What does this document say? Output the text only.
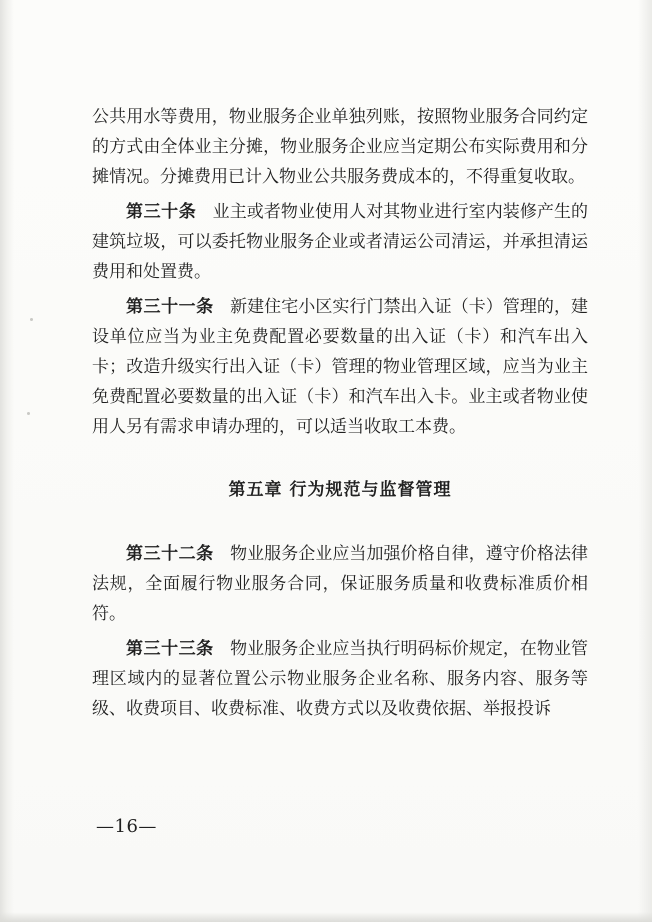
公共用水等费用，物业服务企业单独列账，按照物业服务合同约定的方式由全体业主分摊，物业服务企业应当定期公布实际费用和分摊情况。分摊费用已计入物业公共服务费成本的，不得重复收取。

第三十条 业主或者物业使用人对其物业进行室内装修产生的建筑垃圾，可以委托物业服务企业或者清运公司清运，并承担清运费用和处置费。

第三十一条 新建住宅小区实行门禁出入证（卡）管理的，建设单位应当为业主免费配置必要数量的出入证（卡）和汽车出入卡；改造升级实行出入证（卡）管理的物业管理区域，应当为业主免费配置必要数量的出入证（卡）和汽车出入卡。业主或者物业使用人另有需求申请办理的，可以适当收取工本费。

第五章 行为规范与监督管理

第三十二条 物业服务企业应当加强价格自律，遵守价格法律法规，全面履行物业服务合同，保证服务质量和收费标准质价相符。

第三十三条 物业服务企业应当执行明码标价规定，在物业管理区域内的显著位置公示物业服务企业名称、服务内容、服务等级、收费项目、收费标准、收费方式以及收费依据、举报投诉

—16—
